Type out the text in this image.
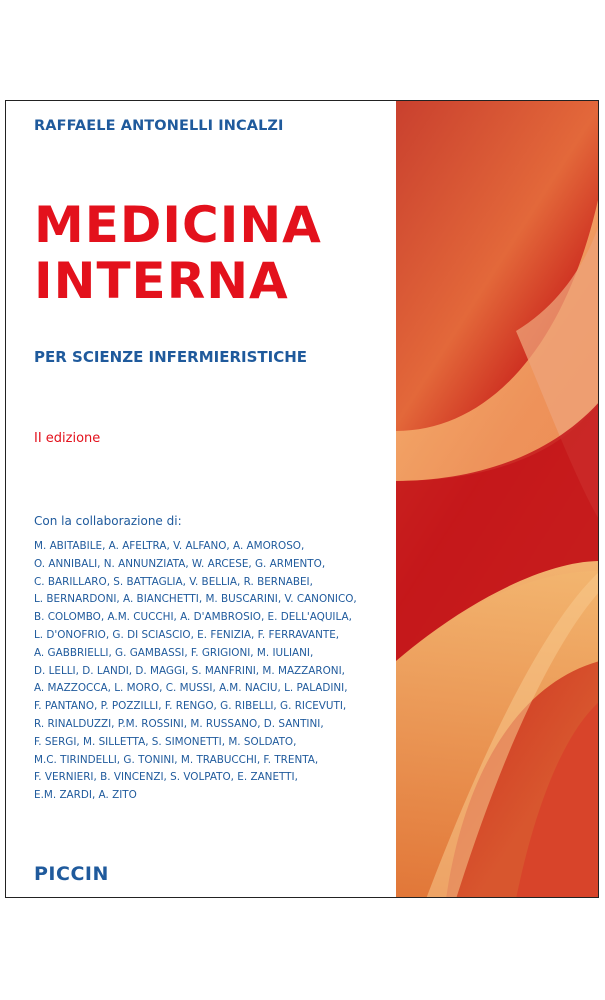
RAFFAELE ANTONELLI INCALZI
MEDICINA
INTERNA
PER SCIENZE INFERMIERISTICHE
II edizione
Con la collaborazione di:
M. ABITABILE, A. AFELTRA, V. ALFANO, A. AMOROSO,
O. ANNIBALI, N. ANNUNZIATA, W. ARCESE, G. ARMENTO,
C. BARILLARO, S. BATTAGLIA, V. BELLIA, R. BERNABEI,
L. BERNARDONI, A. BIANCHETTI, M. BUSCARINI, V. CANONICO,
B. COLOMBO, A.M. CUCCHI, A. D'AMBROSIO, E. DELL'AQUILA,
L. D'ONOFRIO, G. DI SCIASCIO, E. FENIZIA, F. FERRAVANTE,
A. GABBRIELLI, G. GAMBASSI, F. GRIGIONI, M. IULIANI,
D. LELLI, D. LANDI, D. MAGGI, S. MANFRINI, M. MAZZARONI,
A. MAZZOCCA, L. MORO, C. MUSSI, A.M. NACIU, L. PALADINI,
F. PANTANO, P. POZZILLI, F. RENGO, G. RIBELLI, G. RICEVUTI,
R. RINALDUZZI, P.M. ROSSINI, M. RUSSANO, D. SANTINI,
F. SERGI, M. SILLETTA, S. SIMONETTI, M. SOLDATO,
M.C. TIRINDELLI, G. TONINI, M. TRABUCCHI, F. TRENTA,
F. VERNIERI, B. VINCENZI, S. VOLPATO, E. ZANETTI,
E.M. ZARDI, A. ZITO
PICCIN
